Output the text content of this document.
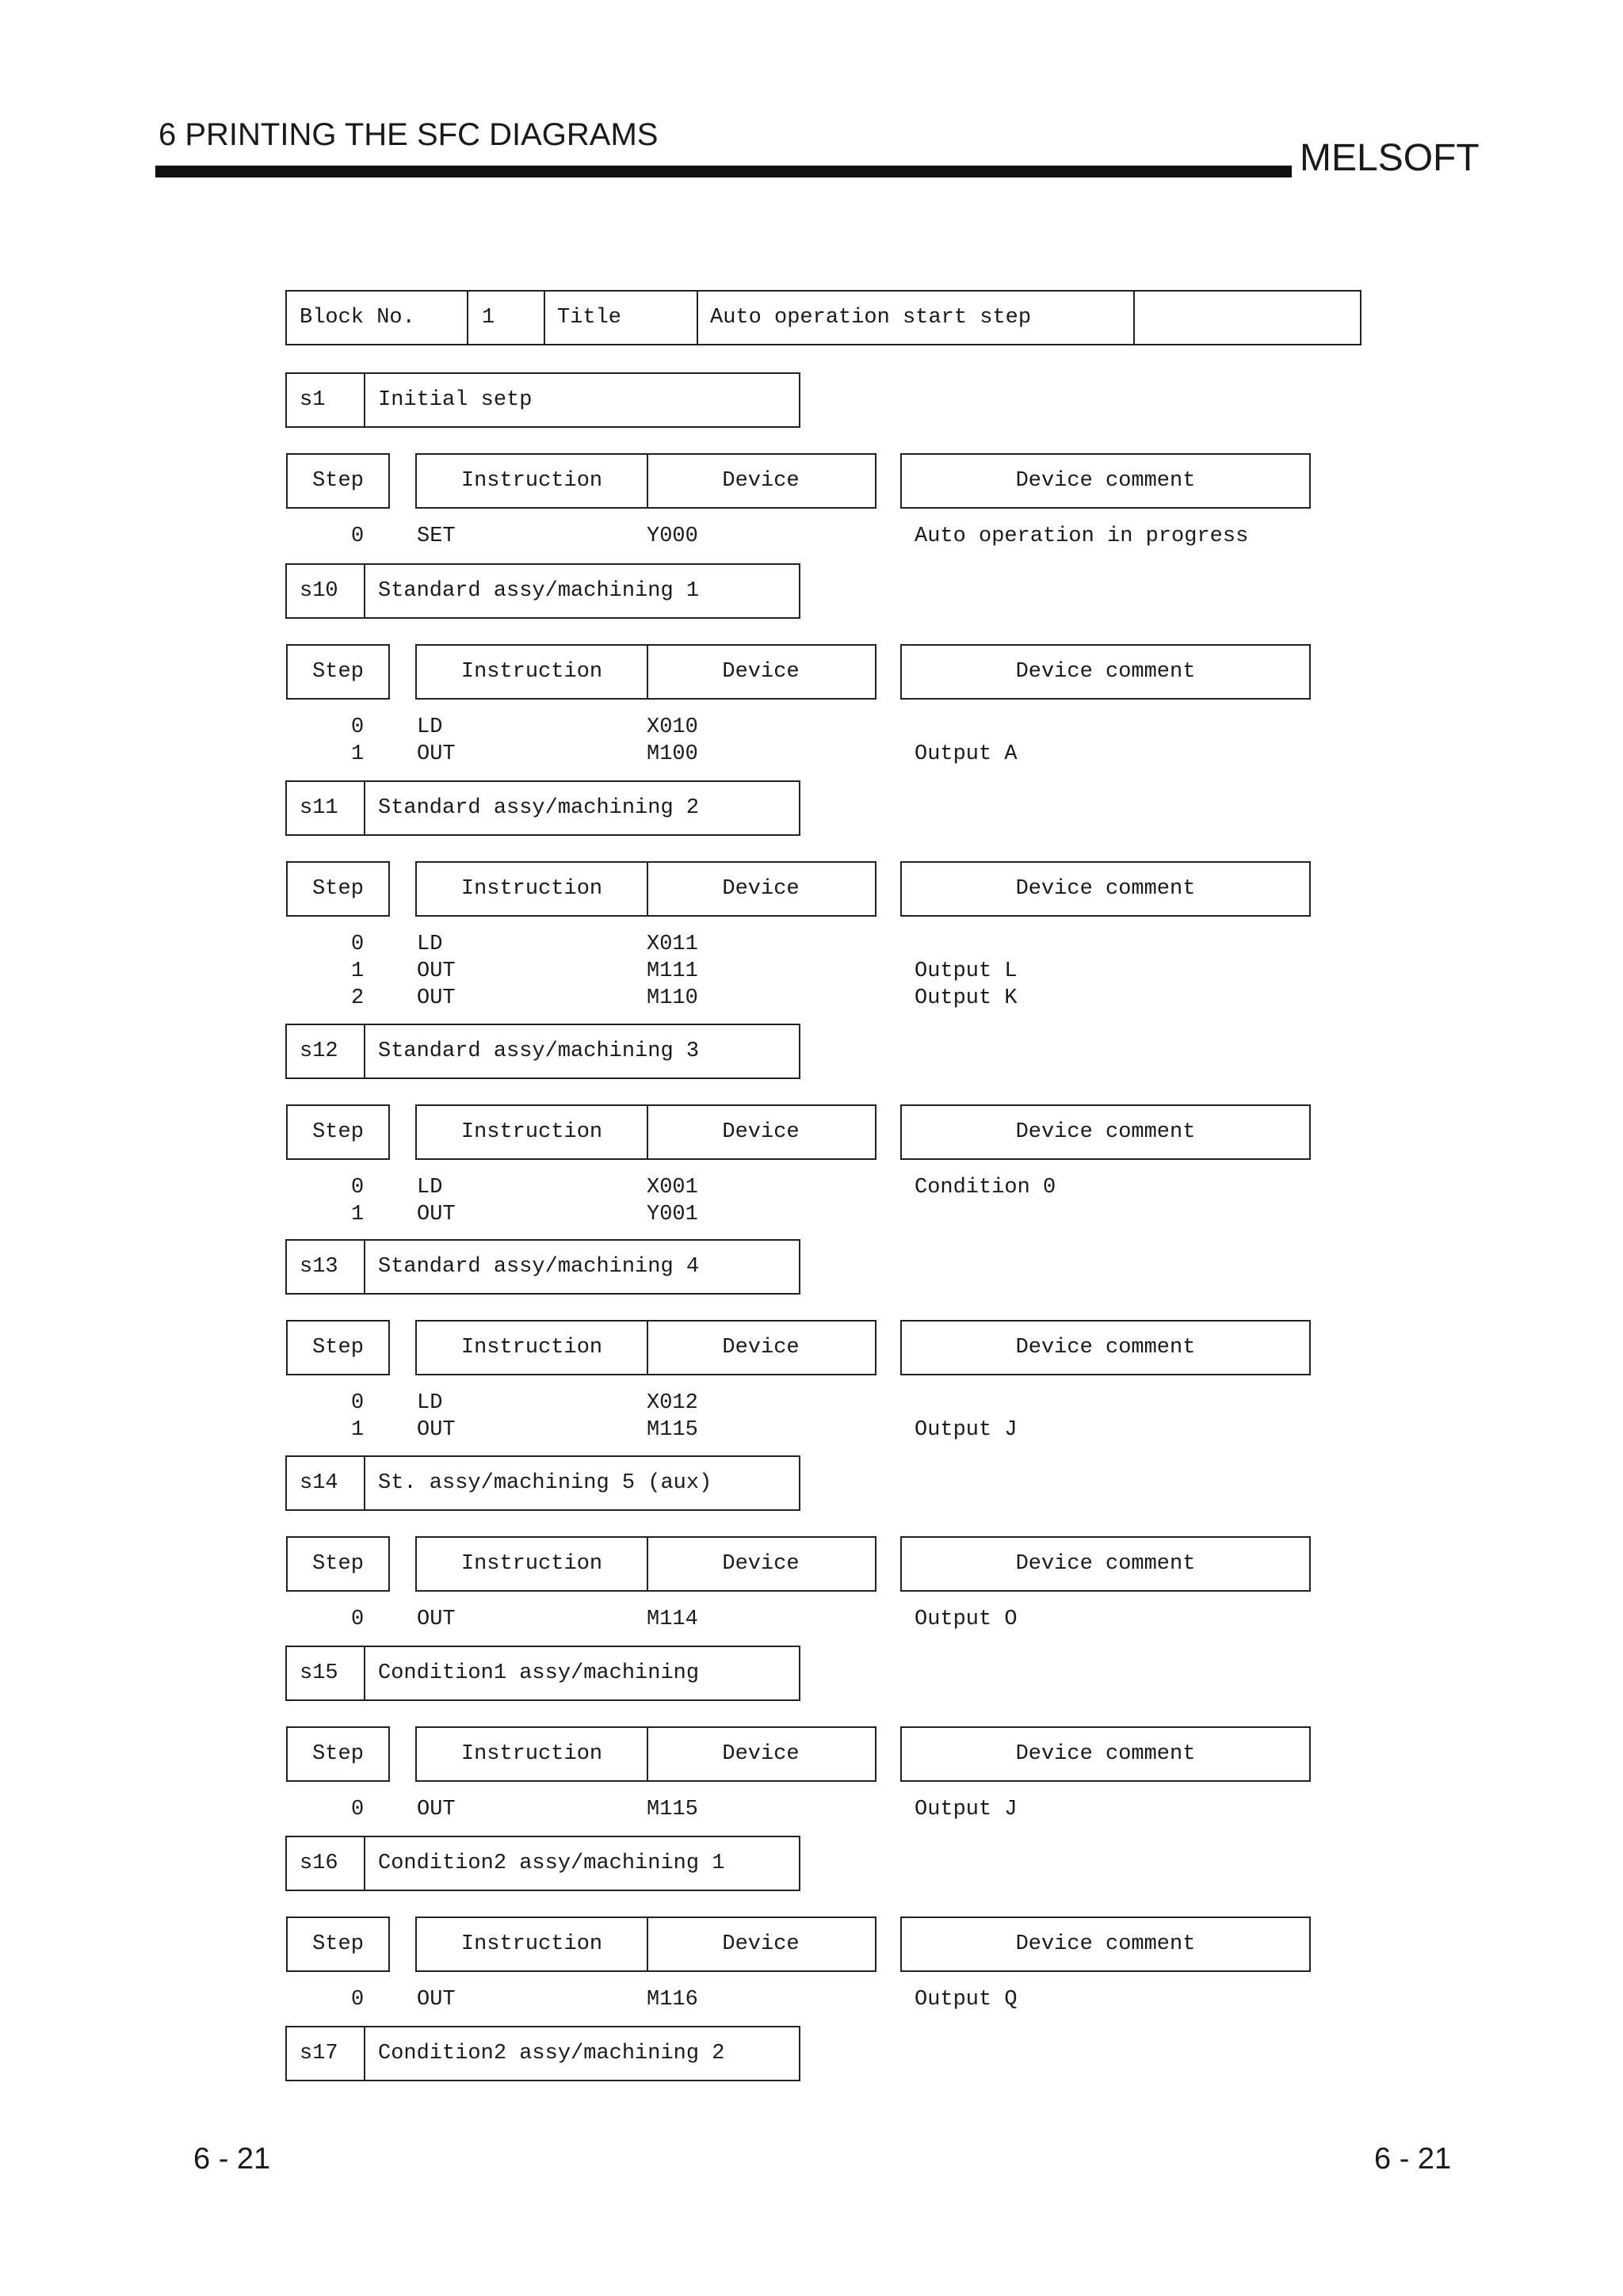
6 PRINTING THE SFC DIAGRAMS
MELSOFT
Block No.	1	Title	Auto operation start step
s1 Initial setp
Step	Instruction	Device	Device comment
0 SET	Y000	Auto operation in progress
s10 Standard assy/machining 1
Step	Instruction	Device	Device comment
0 LD	X010
1 OUT	M100	Output A
s11 Standard assy/machining 2
Step	Instruction	Device	Device comment
0 LD	X011
1 OUT	M111	Output L
2 OUT	M110	Output K
s12 Standard assy/machining 3
Step	Instruction	Device	Device comment
0 LD	X001	Condition 0
1 OUT	Y001
s13 Standard assy/machining 4
Step	Instruction	Device	Device comment
0 LD	X012
1 OUT	M115	Output J
s14 St. assy/machining 5 (aux)
Step	Instruction	Device	Device comment
0 OUT	M114	Output O
s15 Condition1 assy/machining
Step	Instruction	Device	Device comment
0 OUT	M115	Output J
s16 Condition2 assy/machining 1
Step	Instruction	Device	Device comment
0 OUT	M116	Output Q
s17 Condition2 assy/machining 2
6 - 21	6 - 21
